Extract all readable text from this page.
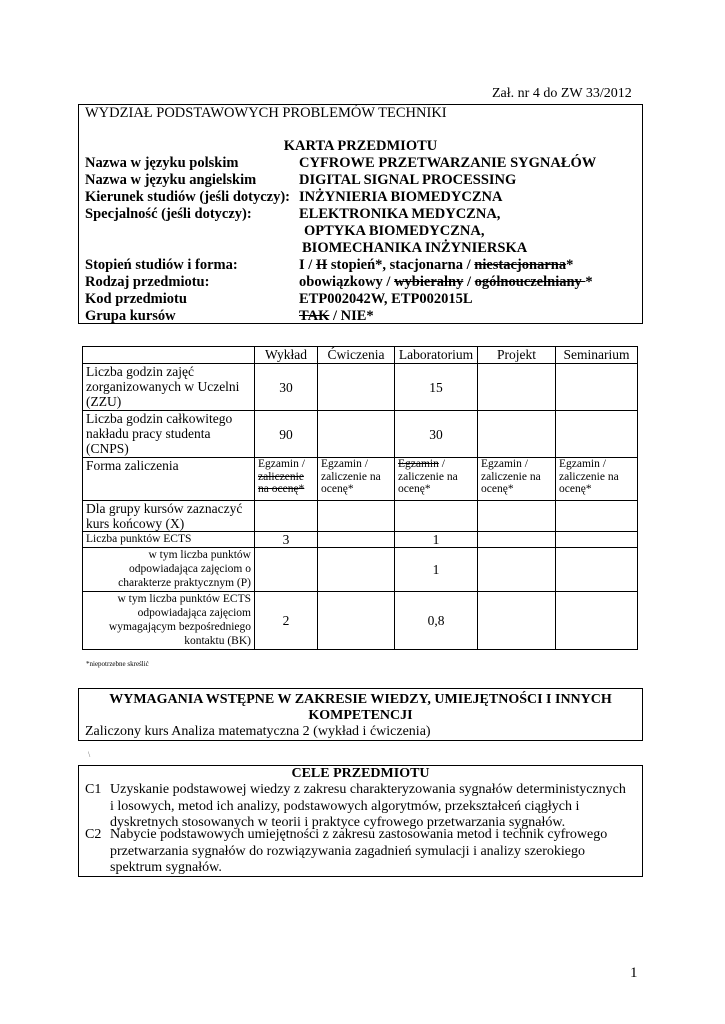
Zał. nr 4 do ZW 33/2012
WYDZIAŁ PODSTAWOWYCH PROBLEMÓW TECHNIKI
KARTA PRZEDMIOTU
Nazwa w języku polskim	CYFROWE PRZETWARZANIE SYGNAŁÓW
Nazwa w języku angielskim	DIGITAL SIGNAL PROCESSING
Kierunek studiów (jeśli dotyczy): INŻYNIERIA BIOMEDYCZNA
Specjalność (jeśli dotyczy):	ELEKTRONIKA MEDYCZNA,
OPTYKA BIOMEDYCZNA,
BIOMECHANIKA INŻYNIERSKA
Stopień studiów i forma:	I / II stopień*, stacjonarna / niestacjonarna*
Rodzaj przedmiotu:	obowiązkowy / wybieralny / ogólnouczelniany *
Kod przedmiotu	ETP002042W, ETP002015L
Grupa kursów	TAK / NIE*
	Wykład	Ćwiczenia	Laboratorium	Projekt	Seminarium
Liczba godzin zajęć zorganizowanych w Uczelni (ZZU)	30		15		
Liczba godzin całkowitego nakładu pracy studenta (CNPS)	90		30		
Forma zaliczenia	Egzamin / zaliczenie na ocenę*	Egzamin / zaliczenie na ocenę*	Egzamin / zaliczenie na ocenę*	Egzamin / zaliczenie na ocenę*	Egzamin / zaliczenie na ocenę*
Dla grupy kursów zaznaczyć kurs końcowy (X)					
Liczba punktów ECTS	3		1		
w tym liczba punktów odpowiadająca zajęciom o charakterze praktycznym (P)			1		
w tym liczba punktów ECTS odpowiadająca zajęciom wymagającym bezpośredniego kontaktu (BK)	2		0,8		
*niepotrzebne skreślić
WYMAGANIA WSTĘPNE W ZAKRESIE WIEDZY, UMIEJĘTNOŚCI I INNYCH KOMPETENCJI
Zaliczony kurs Analiza matematyczna 2 (wykład i ćwiczenia)
\
CELE PRZEDMIOTU
C1 Uzyskanie podstawowej wiedzy z zakresu charakteryzowania sygnałów deterministycznych i losowych, metod ich analizy, podstawowych algorytmów, przekształceń ciągłych i dyskretnych stosowanych w teorii i praktyce cyfrowego przetwarzania sygnałów.
C2 Nabycie podstawowych umiejętności z zakresu zastosowania metod i technik cyfrowego przetwarzania sygnałów do rozwiązywania zagadnień symulacji i analizy szerokiego spektrum sygnałów.
1
